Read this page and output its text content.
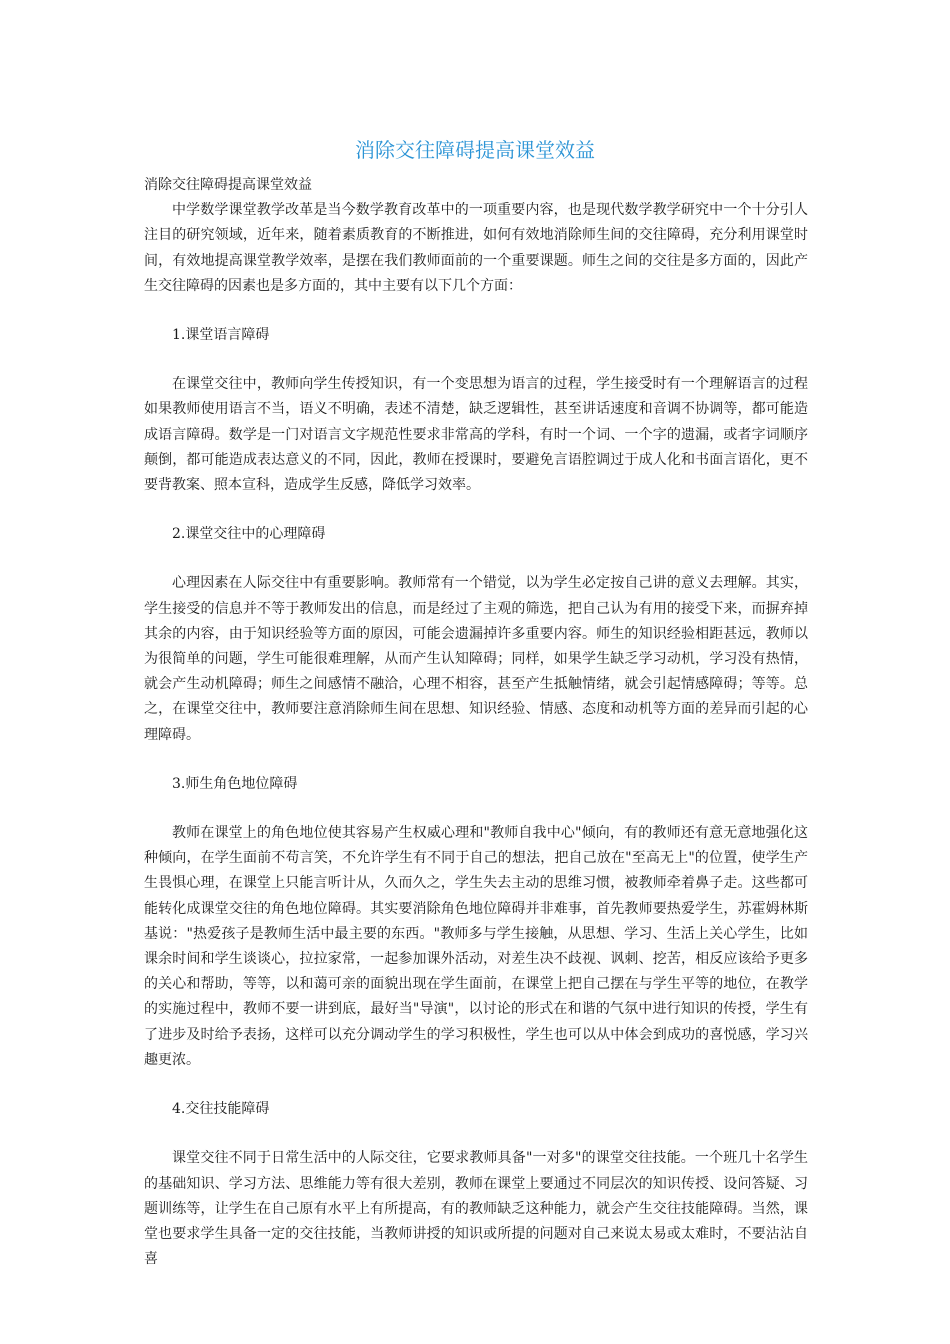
消除交往障碍提高课堂效益

消除交往障碍提高课堂效益

中学数学课堂教学改革是当今数学教育改革中的一项重要内容，也是现代数学教学研究中一个十分引人注目的研究领域，近年来，随着素质教育的不断推进，如何有效地消除师生间的交往障碍，充分利用课堂时间，有效地提高课堂教学效率，是摆在我们教师面前的一个重要课题。师生之间的交往是多方面的，因此产生交往障碍的因素也是多方面的，其中主要有以下几个方面：

1.课堂语言障碍

在课堂交往中，教师向学生传授知识，有一个变思想为语言的过程，学生接受时有一个理解语言的过程如果教师使用语言不当，语义不明确，表述不清楚，缺乏逻辑性，甚至讲话速度和音调不协调等，都可能造成语言障碍。数学是一门对语言文字规范性要求非常高的学科，有时一个词、一个字的遗漏，或者字词顺序颠倒，都可能造成表达意义的不同，因此，教师在授课时，要避免言语腔调过于成人化和书面言语化，更不要背教案、照本宣科，造成学生反感，降低学习效率。

2.课堂交往中的心理障碍

心理因素在人际交往中有重要影响。教师常有一个错觉，以为学生必定按自己讲的意义去理解。其实，学生接受的信息并不等于教师发出的信息，而是经过了主观的筛选，把自己认为有用的接受下来，而摒弃掉其余的内容，由于知识经验等方面的原因，可能会遗漏掉许多重要内容。师生的知识经验相距甚远，教师以为很简单的问题，学生可能很难理解，从而产生认知障碍；同样，如果学生缺乏学习动机，学习没有热情，就会产生动机障碍；师生之间感情不融洽，心理不相容，甚至产生抵触情绪，就会引起情感障碍；等等。总之，在课堂交往中，教师要注意消除师生间在思想、知识经验、情感、态度和动机等方面的差异而引起的心理障碍。

3.师生角色地位障碍

教师在课堂上的角色地位使其容易产生权威心理和"教师自我中心"倾向，有的教师还有意无意地强化这种倾向，在学生面前不苟言笑，不允许学生有不同于自己的想法，把自己放在"至高无上"的位置，使学生产生畏惧心理，在课堂上只能言听计从，久而久之，学生失去主动的思维习惯，被教师牵着鼻子走。这些都可能转化成课堂交往的角色地位障碍。其实要消除角色地位障碍并非难事，首先教师要热爱学生，苏霍姆林斯基说："热爱孩子是教师生活中最主要的东西。"教师多与学生接触，从思想、学习、生活上关心学生，比如课余时间和学生谈谈心，拉拉家常，一起参加课外活动，对差生决不歧视、讽刺、挖苦，相反应该给予更多的关心和帮助，等等，以和蔼可亲的面貌出现在学生面前，在课堂上把自己摆在与学生平等的地位，在教学的实施过程中，教师不要一讲到底，最好当"导演"，以讨论的形式在和谐的气氛中进行知识的传授，学生有了进步及时给予表扬，这样可以充分调动学生的学习积极性，学生也可以从中体会到成功的喜悦感，学习兴趣更浓。

4.交往技能障碍

课堂交往不同于日常生活中的人际交往，它要求教师具备"一对多"的课堂交往技能。一个班几十名学生的基础知识、学习方法、思维能力等有很大差别，教师在课堂上要通过不同层次的知识传授、设问答疑、习题训练等，让学生在自己原有水平上有所提高，有的教师缺乏这种能力，就会产生交往技能障碍。当然，课堂也要求学生具备一定的交往技能，当教师讲授的知识或所提的问题对自己来说太易或太难时，不要沾沾自喜
